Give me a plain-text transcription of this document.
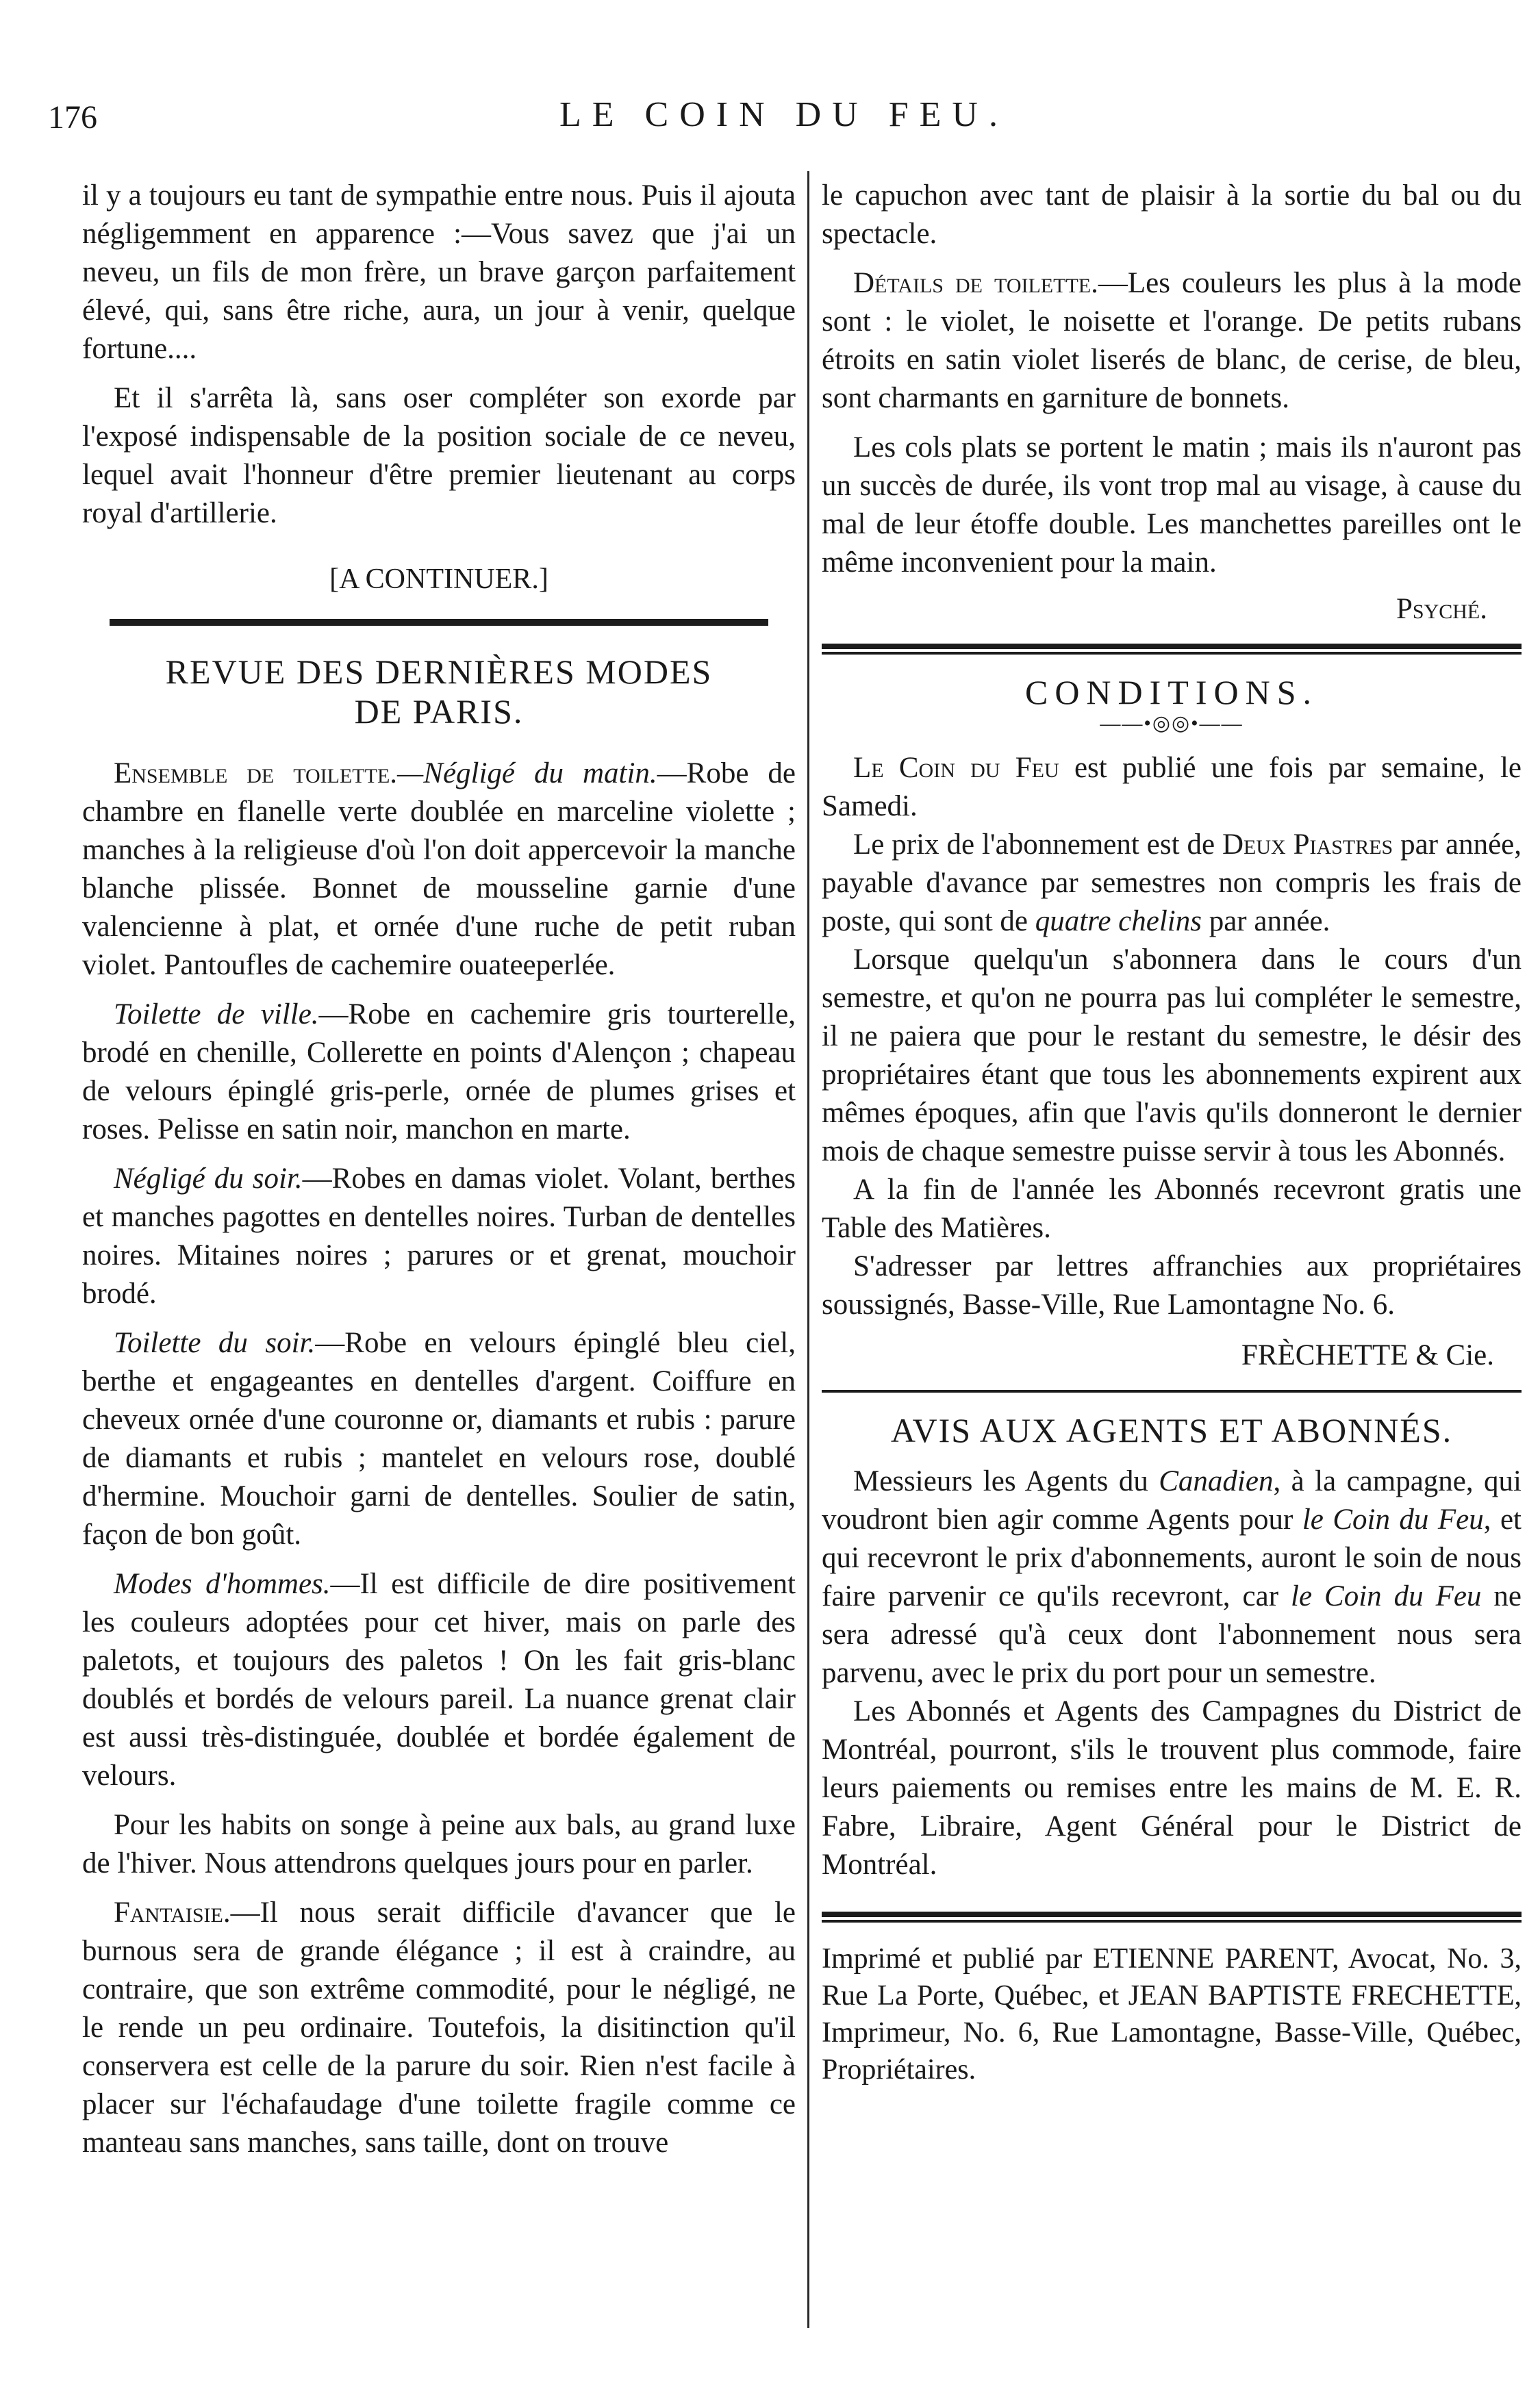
176	LE COIN DU FEU.

il y a toujours eu tant de sympathie entre nous. Puis il ajouta négligemment en apparence :—Vous savez que j'ai un neveu, un fils de mon frère, un brave garçon parfaitement élevé, qui, sans être riche, aura, un jour à venir, quelque fortune....

Et il s'arrêta là, sans oser compléter son exorde par l'exposé indispensable de la position sociale de ce neveu, lequel avait l'honneur d'être premier lieutenant au corps royal d'artillerie.

[A CONTINUER.]
REVUE DES DERNIÈRES MODES
DE PARIS.

Ensemble de toilette.—Négligé du matin.—Robe de chambre en flanelle verte doublée en marceline violette ; manches à la religieuse d'où l'on doit appercevoir la manche blanche plissée. Bonnet de mousseline garnie d'une valencienne à plat, et ornée d'une ruche de petit ruban violet. Pantoufles de cachemire ouateeperlée.

Toilette de ville.—Robe en cachemire gris tourterelle, brodé en chenille, Collerette en points d'Alençon ; chapeau de velours épinglé gris-perle, ornée de plumes grises et roses. Pelisse en satin noir, manchon en marte.

Négligé du soir.—Robes en damas violet. Volant, berthes et manches pagottes en dentelles noires. Turban de dentelles noires. Mitaines noires ; parures or et grenat, mouchoir brodé.

Toilette du soir.—Robe en velours épinglé bleu ciel, berthe et engageantes en dentelles d'argent. Coiffure en cheveux ornée d'une couronne or, diamants et rubis : parure de diamants et rubis ; mantelet en velours rose, doublé d'hermine. Mouchoir garni de dentelles. Soulier de satin, façon de bon goût.

Modes d'hommes.—Il est difficile de dire positivement les couleurs adoptées pour cet hiver, mais on parle des paletots, et toujours des paletos ! On les fait gris-blanc doublés et bordés de velours pareil. La nuance grenat clair est aussi très-distinguée, doublée et bordée également de velours.

Pour les habits on songe à peine aux bals, au grand luxe de l'hiver. Nous attendrons quelques jours pour en parler.

Fantaisie.—Il nous serait difficile d'avancer que le burnous sera de grande élégance ; il est à craindre, au contraire, que son extrême commodité, pour le négligé, ne le rende un peu ordinaire. Toutefois, la disitinction qu'il conservera est celle de la parure du soir. Rien n'est facile à placer sur l'échafaudage d'une toilette fragile comme ce manteau sans manches, sans taille, dont on trouve

le capuchon avec tant de plaisir à la sortie du bal ou du spectacle.

Détails de toilette.—Les couleurs les plus à la mode sont : le violet, le noisette et l'orange. De petits rubans étroits en satin violet liserés de blanc, de cerise, de bleu, sont charmants en garniture de bonnets.

Les cols plats se portent le matin ; mais ils n'auront pas un succès de durée, ils vont trop mal au visage, à cause du mal de leur étoffe double. Les manchettes pareilles ont le même inconvenient pour la main.

Psyché.
CONDITIONS.
——•◎◎•——

Le Coin du Feu est publié une fois par semaine, le Samedi.

Le prix de l'abonnement est de Deux Piastres par année, payable d'avance par semestres non compris les frais de poste, qui sont de quatre chelins par année.

Lorsque quelqu'un s'abonnera dans le cours d'un semestre, et qu'on ne pourra pas lui compléter le semestre, il ne paiera que pour le restant du semestre, le désir des propriétaires étant que tous les abonnements expirent aux mêmes époques, afin que l'avis qu'ils donneront le dernier mois de chaque semestre puisse servir à tous les Abonnés.

A la fin de l'année les Abonnés recevront gratis une Table des Matières.

S'adresser par lettres affranchies aux propriétaires soussignés, Basse-Ville, Rue Lamontagne No. 6.

FRÈCHETTE & Cie.
AVIS AUX AGENTS ET ABONNÉS.

Messieurs les Agents du Canadien, à la campagne, qui voudront bien agir comme Agents pour le Coin du Feu, et qui recevront le prix d'abonnements, auront le soin de nous faire parvenir ce qu'ils recevront, car le Coin du Feu ne sera adressé qu'à ceux dont l'abonnement nous sera parvenu, avec le prix du port pour un semestre.

Les Abonnés et Agents des Campagnes du District de Montréal, pourront, s'ils le trouvent plus commode, faire leurs paiements ou remises entre les mains de M. E. R. Fabre, Libraire, Agent Général pour le District de Montréal.

Imprimé et publié par ETIENNE PARENT, Avocat, No. 3, Rue La Porte, Québec, et JEAN BAPTISTE FRECHETTE, Imprimeur, No. 6, Rue Lamontagne, Basse-Ville, Québec, Propriétaires.
